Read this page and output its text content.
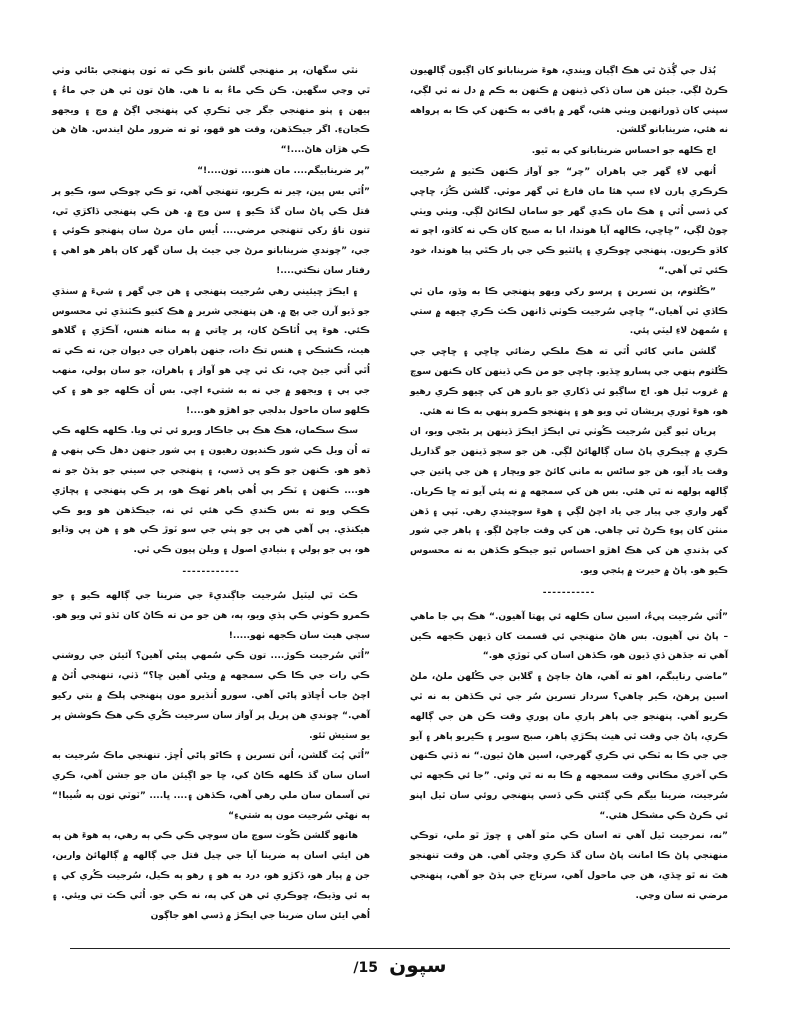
ٻُڌل جي ڳُڌڻ ٿي هڪ اڳيان ويندي، هوءَ ضرينابانو کان اڳيون ڳالهيون ڪرڻ لڳي. جيئن هن سان ڏکي ڏينهن ۾ ڪنهن به ڪم ۾ دل نه ٿي لڳي، سڀني کان ڏورانهين ويٺي هئي، گهر ۾ ٻاقي به ڪنهن کي ڪا به پرواهه نه هئي، ضرينابانو گلشن.

اڄ ڪلهه جو احساس ضرينابانو کي به ٿيو.

اُنهي لاءِ گهر جي ٻاهران ”چر“ جو آواز ڪنهن ڪٽيو ۾ سُرجيت ڪرڪري ٻارن لاءِ سڀ هئا مان فارغ ٿي گهر موٽي. گلشن ڪُڙ، ڇاڇي کي ڏسي اُٿي ۽ هڪ مان ڪڍي گهر جو سامان لڪائڻ لڳي. ويٺي ويٺي چوڻ لڳي، ”ڇاڇي، ڪالهه آيا هوندا، ابا به صبح کان ڪي نه کاڌو، اچو ته کاڌو ڪريون. پنهنجي ڇوڪري ۽ ڀائٽيو ڪي جي ٻار ڪٿي پيا هوندا، خود ڪئي ٿي آهي.“

”ڪُلثوم، ٻن تسرين ۽ پرسو رکي ويهو پنهنجي ڪا به وڏو، مان ٿي ڪاڏي ٿي آهيان.“ ڇاڇي سُرجيت ڪوٺي ڏانهن ڪٽ ڪري ڇيهه ۾ ستي ۽ سُمهڻ لاءِ ليٽي پئي.

گلشن ماني کائي اُٿي ته هڪ ملڪي رضائي ڇاڇي ۽ ڇاڇي جي ڪُلثوم ٻنهي جي پسارو ڇڏيو. ڇاڇي جو من ڪي ڏينهن کان ڪنهن سوچ ۾ غروب ٿيل هو. اڄ ساڳيو ئي ڏکاري جو بارو هن کي ڇيهو ڪري رهيو هو، هوءَ ٿوري پريشان ٿي ويو هو ۽ پنهنجو ڪمرو ٻنهي به ڪا نه هئي.

پريان ٿيو گين سُرجيت ڪُوٺي تي ايڪڙ ايڪڙ ڏينهن پر بڻجي ويو، ان ڪري ۾ ڇيڪري پاڻ سان ڳالهائڻ لڳي. هن جو سڄو ڏينهن جو گذاريل وقت ياد آيو، هن جو ساڻس به ماني کائڻ جو ويچار ۽ هن جي ڀاتين جي ڳالهه ٻولهه نه ٿي هئي. بس هن کي سمجهه ۾ نه پئي آيو ته ڇا ڪريان. گهر واري جي پيار جي ياد اچڻ لڳي ۽ هوءَ سوچيندي رهي. ٽپي ۽ ڏهن منٽن کان پوءِ ڪرڻ ٿي چاهي. هن کي وقت جاچڻ لڳو. ۽ ٻاهر جي شور کي ٻڌندي هن کي هڪ اهڙو احساس ٿيو جيڪو ڪڏهن به نه محسوس ڪيو هو. پاڻ ۾ حيرت ۾ پئجي ويو.

-----------

”اُٿي سُرجيت پيءُ، اسين سان ڪلهه ئي پهتا آهيون.“ هڪ ٻي جا ماهي – پاڻ ني آهيون. بس هاڻ منهنجي ئي قسمت کان ڏيهن ڪجهه ڪين آهي ته جڏهن ڏي ڏيون هو، ڪڏهن اسان کي ٽوڙي هو.“

”ماضي رنايبگم، اهو ته آهي، هاڻ جاچڻ ۽ گلابن جي ڪُلهن ملڻ، ملڻ اسين پرهڻ، ڪير چاهي؟ سردار تسرين سُر جي ٿي ڪڏهن به نه ٿي ڪريو آهي. پنهنجو جي ٻاهر ٻاري مان پوري وقت ڪن هن جي ڳالهه ڪري، پاڻ جي وقت ٿي هيٺ پڪڙي ٻاهر، صبح سوير ۽ ڪيريو ٻاهر ۽ آيو جي جي ڪا به ٽڪي تي ڪري گهرجي، اسين هاڻ ٿيون.“ نه ڏٺي ڪنهن ڪي آخري مڪاني وقت سمجهه ۾ ڪا به نه ٿي وئي. ”جا ئي ڪجهه ٿي سُرجيت، ضرينا بيگم ڪي ڳڻتي ڪي ڏسي پنهنجي روئي سان ٿيل اپنو ئي ڪرڻ ڪي مشڪل هئي.“

”نه، نمرجيت ٿيل آهي ته اسان ڪي مٿو آهي ۽ ڇوڙ ٿو ملي، توڪي منهنجي پاڻ ڪا امانت پاڻ سان گڏ ڪري وڃڻي آهي. هن وقت تنهنجو هٿ نه ٿو ڇڏي، هن جي ماحول آهي، سرتاج جي ٻڌڻ جو آهي، پنهنجي مرضي ته سان وڃي.

نٿي سگهان، پر منهنجي گلشن بانو ڪي ته ٽون پنهنجي بڻائي وٺي ٿي وڃي سگهين. ڪن ڪي ماءُ به نا هي. هاڻ تون ٿي هن جي ماءُ ۽ ٻيهن ۽ پٺو منهنجي جگر جي ٽڪري کي پنهنجي اڳڻ ۾ وڃ ۽ ويجهو ڪجانءِ. اگر جيڪڏهن، وقت هو قھو، ٿو ته ضرور ملڻ ايندس. هاڻ هن ڪي هڙان هاڻ....!“

”پر ضرينابيگم.... مان هنو.... تون....!“

”اُٿي بس ٻين، چير نه ڪريو، تنهنجي آهي، تو ڪي چوڪي سو، ڪيو پر قتل ڪي پاڻ سان گڏ ڪيو ۽ سن وڃ ۾. هن ڪي پنهنجي ڏاکڙي ٿي، تنون ناؤ رکي تنهنجي مرضي.... اُيس مان مرڻ سان پنهنجو ڪوئي ۽ جي، ”چوندي ضرينابانو مرڻ جي جيٽ پل سان گهر کان ٻاهر هو اهي ۽ رفتار سان نڪتي....!

۽ ايڪڙ ڇيئيني رهي سُرجيت پنهنجي ۽ هن جي گهر ۽ شيءَ ۾ سنڌي جو ڏيو آرن جي پڇ ۾. هن پنهنجي شرير ۾ هڪ کنيو ڪٽنڌي ٿي محسوس ڪئي. هوءَ ڀي اُٿاڪڻ کان، پر ڇاتي ۾ ٻه منانه هنس، آڪڙي ۽ گلاهو هيٺ، ڪشڪي ۽ هنس تڪ دات، جنهن ٻاهران جي ديوان جن، ته ڪي ته اُٿي اُتي جيڻ چي، تک ٿي ڇي هو آواز ۽ ٻاهران، جو سان ٻولي، منهب جي ٻي ۽ ويجهو ۾ جي نه به شتيء اچي. بس اُن ڪلهه جو هو ۽ کي ڪلهو سان ماحول بدلجي جو اهڙو هو....!

سڪ سڪمان، هڪ هڪ ٻي جاڪار ويرو ئي ٿي ويا. ڪلهه ڪلهه ڪي ته اُن ويل ڪي شور ڪنديون رهيون ۽ ٻي شور جنهن دهل ڪي ٻنهي ۾ ڏهو هو. ڪنهن جو ڪو ڀي ڏسي، ۽ پنهنجي جي سيني جو ٻڌڻ جو نه هو.... ڪنهن ۽ ٽڪر ٻي اُهي ٻاهر ٽهڪ هو، پر ڪي پنهنجي ۽ پڇاڙي ڪڪي ويو ته بس ڪندي ڪي هئي ئي نه، جيڪڏهن هو ويو ڪي هيکنڌي. ٻي آهي هي ٻي جو پٺي جي سو ٽوڙ ڪي هو ۽ هن ڀي وڌايو هو، ٻي جو ٻولي ۽ بنيادي اصول ۽ ويلن پيون ڪي ٿي.

------------

ڪٽ ٿي ليٽيل سُرجيت جاڳنديءَ جي ضرينا جي ڳالهه ڪيو ۽ جو ڪمرو ڪوٺي ڪي ٻڌي ويو، ٻه، هن جو من ته ڪاڻ کان ٿڌو ٿي ويو هو. سڄي هيٺ سان ڪجهه ٺهو.....!

”اُٿي سُرجيت ڪوڙ.... تون ڪي سُمهي پيڻي آهين؟ آئيئن جي روشني ڪي رات جي ڪا ڪي سمجهه ۾ ويڻي آهين ڇا؟“ ڏٺي، تنهنجي اُٿڻ ۾ اچڻ جاب اُڇاڏو پاڻي آهي. سورو اُنڌيرو مون پنهنجي پلڪ ۾ بتي رکيو آهي.“ چوندي هن پريل پر آواز سان سرجيت ڪُري ڪي هڪ ڪوشش پر يو ستيش ٿئو.

”اُٿي پُٽ گلشن، اُنن تسرين ۽ ڪاڻو پاڻي اُڇڙ. تنهنجي ماڪ سُرجيت به اسان سان گڏ ڪلهه ڪاڻ کي، ڇا جو اڳيئن مان جو جشن آهي، ڪري تي آسمان سان ملي رهي آهي، ڪڏهن ۽.... ڀا.... ”ٽوٽي تون ٻه شُيبا!“ ٻه نهڻي سُرجيت مون ٻه شتيءِ“

هانهو گلشن ڪُوٺ سوچ مان سوچي ڪي ڪي ٻه رهي، ٻه هوءَ هن ٻه هن ايئي اسان ٻه ضرينا آيا جي چيل قتل جي ڳالهه ۾ ڳالهائڻ وارين، جن ۾ پيار هو، ڏکڙو هو، درد به هو ۽ رهو ٻه ڪيل، سُرجيت ڪُري کي ۽ ٻه ئي وڌيڪ، ڇوڪري ئي هن کي ٻه، نه ڪي جو. اُٿي ڪٽ تي ويئي. ۽ اُهي ايئن سان ضرينا جي ايڪڙ ۾ ڏسي اهو جاڳون

سپون 15/
